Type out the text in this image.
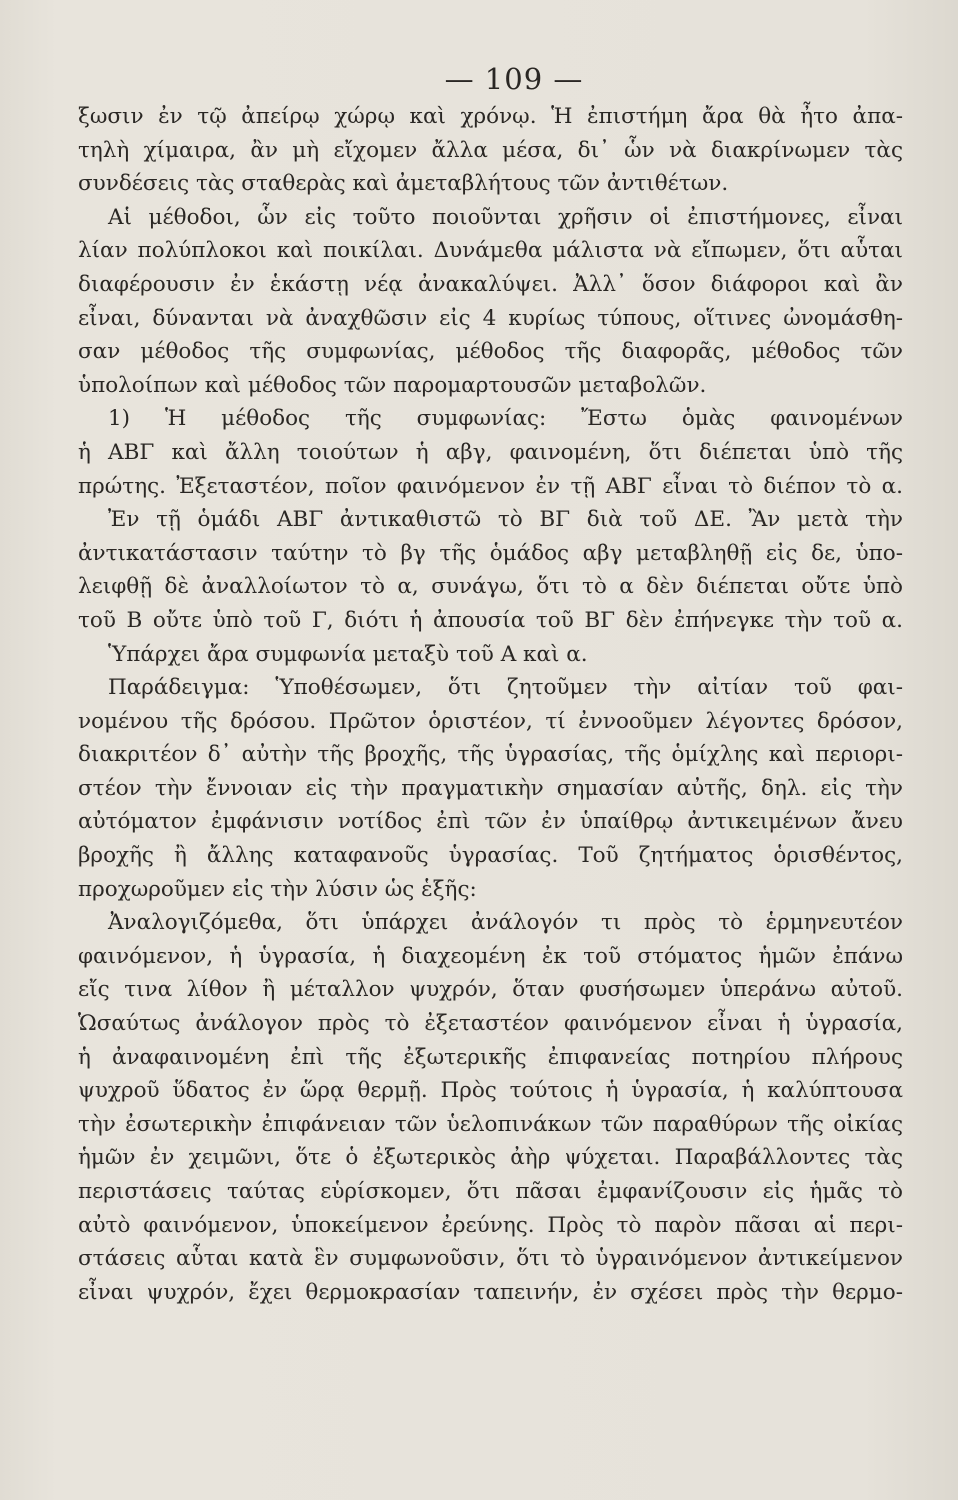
— 109 —
ξωσιν ἐν τῷ ἀπείρῳ χώρῳ καὶ χρόνῳ. Ἡ ἐπιστήμη ἄρα θὰ ἦτο ἀπα-
τηλὴ χίμαιρα, ἂν μὴ εἴχομεν ἄλλα μέσα, δι᾽ ὧν νὰ διακρίνωμεν τὰς
συνδέσεις τὰς σταθερὰς καὶ ἀμεταβλήτους τῶν ἀντιθέτων.
Αἱ μέθοδοι, ὧν εἰς τοῦτο ποιοῦνται χρῆσιν οἱ ἐπιστήμονες, εἶναι
λίαν πολύπλοκοι καὶ ποικίλαι. Δυνάμεθα μάλιστα νὰ εἴπωμεν, ὅτι αὗται
διαφέρουσιν ἐν ἑκάστῃ νέᾳ ἀνακαλύψει. Ἀλλ᾽ ὅσον διάφοροι καὶ ἂν
εἶναι, δύνανται νὰ ἀναχθῶσιν εἰς 4 κυρίως τύπους, οἵτινες ὠνομάσθη-
σαν μέθοδος τῆς συμφωνίας, μέθοδος τῆς διαφορᾶς, μέθοδος τῶν
ὑπολοίπων καὶ μέθοδος τῶν παρομαρτουσῶν μεταβολῶν.
1) Ἡ μέθοδος τῆς συμφωνίας: Ἔστω ὁμὰς φαινομένων
ἡ ΑΒΓ καὶ ἄλλη τοιούτων ἡ αβγ, φαινομένη, ὅτι διέπεται ὑπὸ τῆς
πρώτης. Ἐξεταστέον, ποῖον φαινόμενον ἐν τῇ ΑΒΓ εἶναι τὸ διέπον τὸ α.
Ἐν τῇ ὁμάδι ΑΒΓ ἀντικαθιστῶ τὸ ΒΓ διὰ τοῦ ΔΕ. Ἂν μετὰ τὴν
ἀντικατάστασιν ταύτην τὸ βγ τῆς ὁμάδος αβγ μεταβληθῇ εἰς δε, ὑπο-
λειφθῇ δὲ ἀναλλοίωτον τὸ α, συνάγω, ὅτι τὸ α δὲν διέπεται οὔτε ὑπὸ
τοῦ Β οὔτε ὑπὸ τοῦ Γ, διότι ἡ ἀπουσία τοῦ ΒΓ δὲν ἐπήνεγκε τὴν τοῦ α.
Ὑπάρχει ἄρα συμφωνία μεταξὺ τοῦ Α καὶ α.
Παράδειγμα: Ὑποθέσωμεν, ὅτι ζητοῦμεν τὴν αἰτίαν τοῦ φαι-
νομένου τῆς δρόσου. Πρῶτον ὁριστέον, τί ἐννοοῦμεν λέγοντες δρόσον,
διακριτέον δ᾽ αὐτὴν τῆς βροχῆς, τῆς ὑγρασίας, τῆς ὁμίχλης καὶ περιορι-
στέον τὴν ἔννοιαν εἰς τὴν πραγματικὴν σημασίαν αὐτῆς, δηλ. εἰς τὴν
αὐτόματον ἐμφάνισιν νοτίδος ἐπὶ τῶν ἐν ὑπαίθρῳ ἀντικειμένων ἄνευ
βροχῆς ἢ ἄλλης καταφανοῦς ὑγρασίας. Τοῦ ζητήματος ὁρισθέντος,
προχωροῦμεν εἰς τὴν λύσιν ὡς ἑξῆς:
Ἀναλογιζόμεθα, ὅτι ὑπάρχει ἀνάλογόν τι πρὸς τὸ ἑρμηνευτέον
φαινόμενον, ἡ ὑγρασία, ἡ διαχεομένη ἐκ τοῦ στόματος ἡμῶν ἐπάνω
εἴς τινα λίθον ἢ μέταλλον ψυχρόν, ὅταν φυσήσωμεν ὑπεράνω αὐτοῦ.
Ὡσαύτως ἀνάλογον πρὸς τὸ ἐξεταστέον φαινόμενον εἶναι ἡ ὑγρασία,
ἡ ἀναφαινομένη ἐπὶ τῆς ἐξωτερικῆς ἐπιφανείας ποτηρίου πλήρους
ψυχροῦ ὕδατος ἐν ὥρᾳ θερμῇ. Πρὸς τούτοις ἡ ὑγρασία, ἡ καλύπτουσα
τὴν ἐσωτερικὴν ἐπιφάνειαν τῶν ὑελοπινάκων τῶν παραθύρων τῆς οἰκίας
ἡμῶν ἐν χειμῶνι, ὅτε ὁ ἐξωτερικὸς ἀὴρ ψύχεται. Παραβάλλοντες τὰς
περιστάσεις ταύτας εὑρίσκομεν, ὅτι πᾶσαι ἐμφανίζουσιν εἰς ἡμᾶς τὸ
αὐτὸ φαινόμενον, ὑποκείμενον ἐρεύνης. Πρὸς τὸ παρὸν πᾶσαι αἱ περι-
στάσεις αὗται κατὰ ἓν συμφωνοῦσιν, ὅτι τὸ ὑγραινόμενον ἀντικείμενον
εἶναι ψυχρόν, ἔχει θερμοκρασίαν ταπεινήν, ἐν σχέσει πρὸς τὴν θερμο-
